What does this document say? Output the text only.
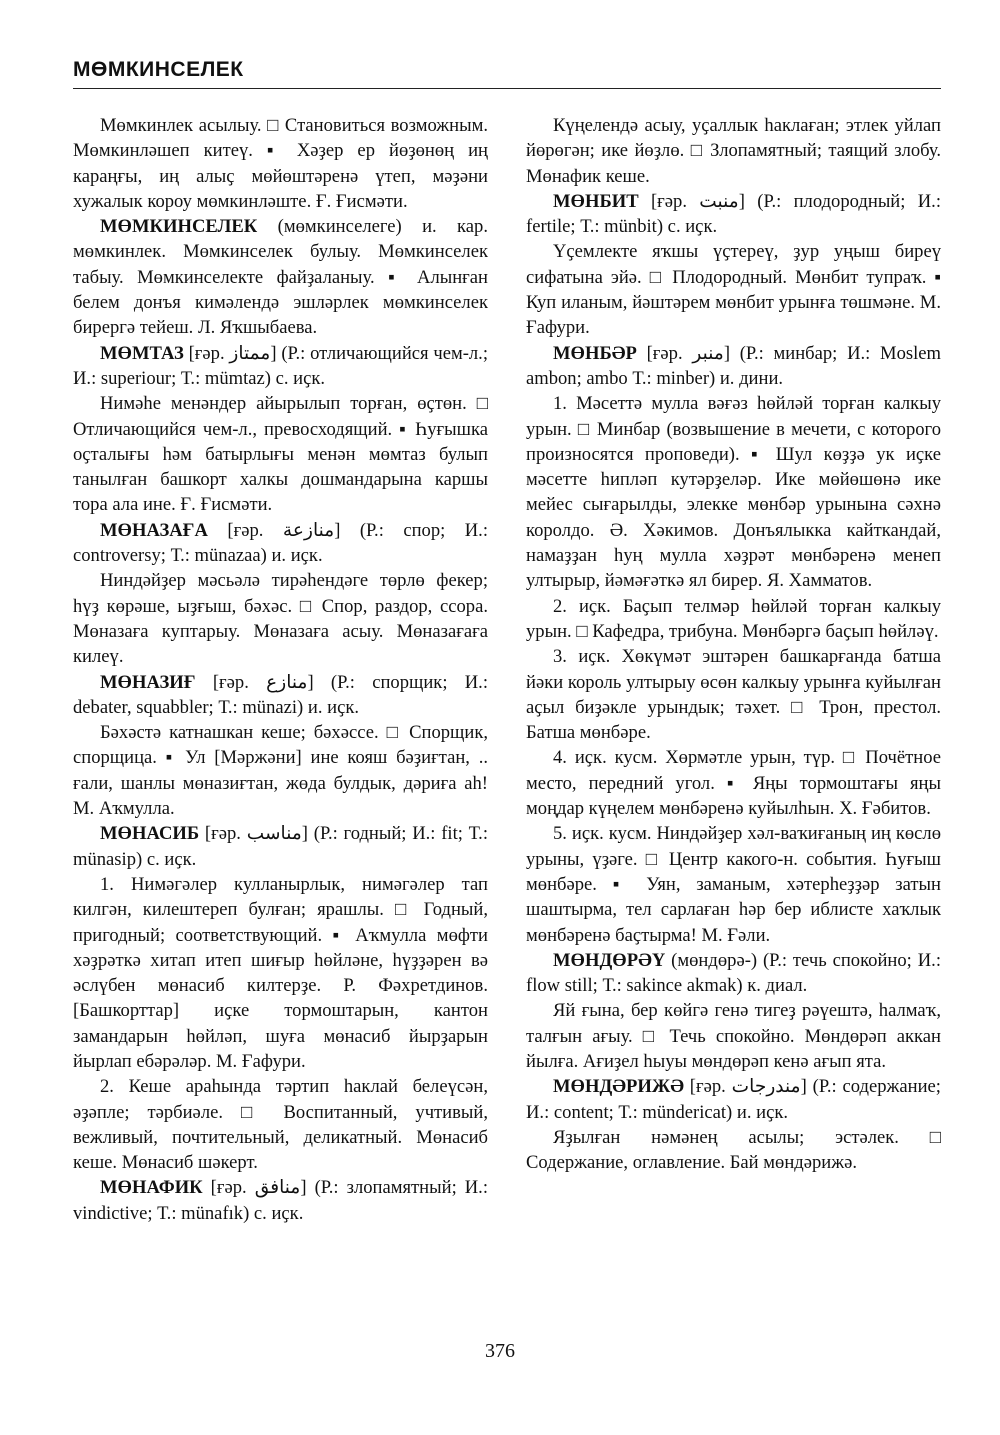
МӨМКИНСЕЛЕК

Мөмкинлек асылыу. □ Становиться возможным. Мөмкинләшеп китеү. ▪ Хәҙер ер йөҙөнөң иң караңғы, иң алыҫ мөйөштәренә үтеп, мәҙәни хужалык короу мөмкинләште. Ғ. Ғисмәти.

МӨМКИНСЕЛЕК (мөмкинселеге) и. кар. мөмкинлек. Мөмкинселек булыу. Мөмкинселек табыу. Мөмкинселекте файҙаланыу. ▪ Алынған белем донъя кимәлендә эшләрлек мөмкинселек бирергә тейеш. Л. Яҡшыбаева.

МӨМТАЗ [ғәр. ممتاز] (Р.: отличающийся чем-л.; И.: superiour; Т.: mümtaz) с. иҫк.

Нимәһе менәндер айырылып торған, өҫтөн. □ Отличающийся чем-л., превосходящий. ▪ Һуғышка оҫталығы һәм батырлығы менән мөмтаз булып танылған башкорт халкы дошмандарына каршы тора ала ине. Ғ. Ғисмәти.

МӨНАЗАҒА [ғәр. منازعة] (Р.: спор; И.: controversy; Т.: münazaa) и. иҫк.

Ниндәйҙер мәсьәлә тирәһендәге төрлө фекер; һүҙ көрәше, ыҙғыш, бәхәс. □ Спор, раздор, ссора. Мөназаға куптарыу. Мөназаға асыу. Мөназағаға килеү.

МӨНАЗИҒ [ғәр. منازع] (Р.: спорщик; И.: debater, squabbler; Т.: münazi) и. иҫк.

Бәхәстә катнашкан кеше; бәхәссе. □ Спорщик, спорщица. ▪ Ул [Мәржәни] ине кояш бәҙиғтан, .. ғали, шанлы мөназиғтан, жөда булдык, дәриға аһ! М. Аҡмулла.

МӨНАСИБ [ғәр. مناسب] (Р.: годный; И.: fit; Т.: münasip) с. иҫк.

1. Нимәгәлер кулланырлык, нимәгәлер тап килгән, килештереп булған; ярашлы. □ Годный, пригодный; соответствующий. ▪ Аҡмулла мөфти хәҙрәткә хитап итеп шиғыр һөйләне, һүҙҙәрен вә әслүбен мөнасиб килтерҙе. Р. Фәхретдинов. [Башкорттар] иҫке тормоштарын, кантон замандарын һөйләп, шуға мөнасиб йырҙарын йырлап ебәрәләр. М. Ғафури.

2. Кеше араһында тәртип һаклай белеүсән, әҙәпле; тәрбиәле. □ Воспитанный, учтивый, вежливый, почтительный, деликатный. Мөнасиб кеше. Мөнасиб шәкерт.

МӨНАФИК [ғәр. منافق] (Р.: злопамятный; И.: vindictive; Т.: münafık) с. иҫк.

Күңелендә асыу, уҫаллык һаклаған; этлек уйлап йөрөгән; ике йөҙлө. □ Злопамятный; таящий злобу. Мөнафик кеше.

МӨНБИТ [ғәр. منبت] (Р.: плодородный; И.: fertile; Т.: münbit) с. иҫк.

Үҫемлекте яҡшы үҫтереү, ҙур уңыш биреү сифатына эйә. □ Плодородный. Мөнбит тупраҡ. ▪ Куп иланым, йәштәрем мөнбит урынға төшмәне. М. Ғафури.

МӨНБӘР [ғәр. منبر] (Р.: минбар; И.: Moslem ambon; ambo Т.: minber) и. дини.

1. Мәсеттә мулла вәғәз һөйләй торған калкыу урын. □ Минбар (возвышение в мечети, с которого произносятся проповеди). ▪ Шул көҙҙә ук иҫке мәсетте һипләп кутәрҙеләр. Ике мөйөшөнә ике мейес сығарылды, элекке мөнбәр урынына сәхнә королдо. Ә. Хәкимов. Донъялыкка кайткандай, намаҙҙан һуң мулла хәҙрәт мөнбәренә менеп ултырыр, йәмәғәткә ял бирер. Я. Хамматов.

2. иҫк. Баҫып телмәр һөйләй торған калкыу урын. □ Кафедра, трибуна. Мөнбәргә баҫып һөйләү.

3. иҫк. Хөкүмәт эштәрен башкарғанда батша йәки король ултырыу өсөн калкыу урынға куйылған аҫыл биҙәкле урындык; тәхет. □ Трон, престол. Батша мөнбәре.

4. иҫк. кусм. Хөрмәтле урын, түр. □ Почётное место, передний угол. ▪ Яңы тормоштағы яңы моңдар күңелем мөнбәренә куйылһын. Х. Ғәбитов.

5. иҫк. кусм. Ниндәйҙер хәл-ваҡиғаның иң көслө урыны, үҙәге. □ Центр какого-н. события. Һуғыш мөнбәре. ▪ Уян, заманым, хәтерһеҙҙәр затын шаштырма, тел сарлаған һәр бер иблисте хаҡлык мөнбәренә баҫтырма! М. Ғәли.

МӨНДӨРӘҮ (мөндөрә-) (Р.: течь спокойно; И.: flow still; Т.: sakince akmak) к. диал.

Яй ғына, бер көйгә генә тигеҙ рәүештә, һалмаҡ, талғын ағыу. □ Течь спокойно. Мөндөрәп аккан йылға. Ағиҙел һыуы мөндөрәп кенә ағып ята.

МӨНДӘРИЖӘ [ғәр. مندرجات] (Р.: содержание; И.: content; Т.: mündericat) и. иҫк.

Яҙылған нәмәнең асылы; эстәлек. □ Содержание, оглавление. Бай мөндәрижә.

376
